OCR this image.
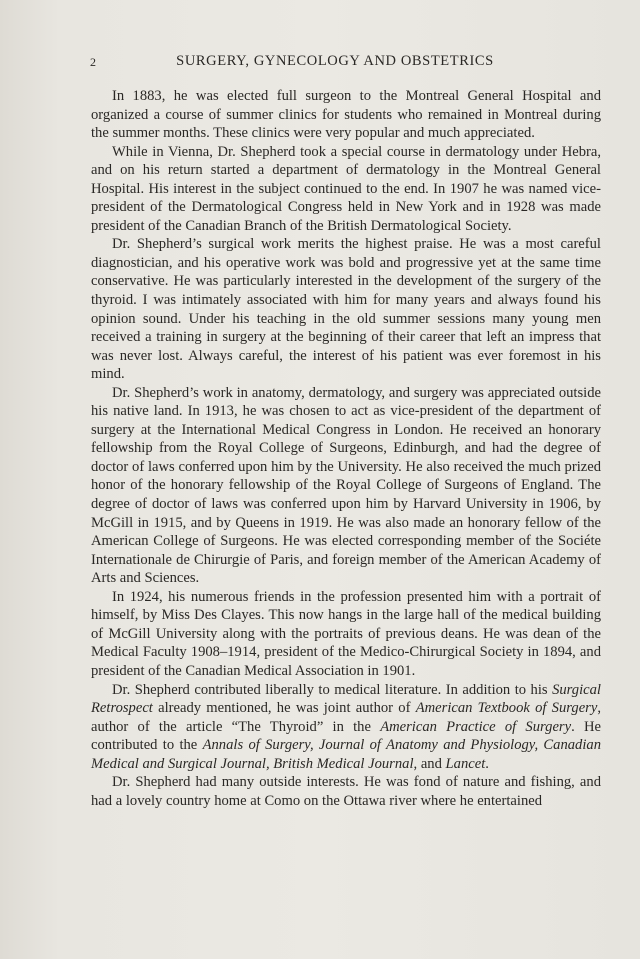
2	SURGERY, GYNECOLOGY AND OBSTETRICS

In 1883, he was elected full surgeon to the Montreal General Hospital and organized a course of summer clinics for students who remained in Montreal during the summer months. These clinics were very popular and much appreciated.

While in Vienna, Dr. Shepherd took a special course in dermatology under Hebra, and on his return started a department of dermatology in the Montreal General Hospital. His interest in the subject continued to the end. In 1907 he was named vice-president of the Dermatological Congress held in New York and in 1928 was made president of the Canadian Branch of the British Dermatological Society.

Dr. Shepherd’s surgical work merits the highest praise. He was a most careful diagnostician, and his operative work was bold and progressive yet at the same time conservative. He was particularly interested in the development of the surgery of the thyroid. I was intimately associated with him for many years and always found his opinion sound. Under his teaching in the old summer sessions many young men received a training in surgery at the beginning of their career that left an impress that was never lost. Always careful, the interest of his patient was ever foremost in his mind.

Dr. Shepherd’s work in anatomy, dermatology, and surgery was appreciated outside his native land. In 1913, he was chosen to act as vice-president of the department of surgery at the International Medical Congress in London. He received an honorary fellowship from the Royal College of Surgeons, Edinburgh, and had the degree of doctor of laws conferred upon him by the University. He also received the much prized honor of the honorary fellowship of the Royal College of Surgeons of England. The degree of doctor of laws was conferred upon him by Harvard University in 1906, by McGill in 1915, and by Queens in 1919. He was also made an honorary fellow of the American College of Surgeons. He was elected corresponding member of the Sociéte Internationale de Chirurgie of Paris, and foreign member of the American Academy of Arts and Sciences.

In 1924, his numerous friends in the profession presented him with a portrait of himself, by Miss Des Clayes. This now hangs in the large hall of the medical building of McGill University along with the portraits of previous deans. He was dean of the Medical Faculty 1908–1914, president of the Medico-Chirurgical Society in 1894, and president of the Canadian Medical Association in 1901.

Dr. Shepherd contributed liberally to medical literature. In addition to his Surgical Retrospect already mentioned, he was joint author of American Textbook of Surgery, author of the article “The Thyroid” in the American Practice of Surgery. He contributed to the Annals of Surgery, Journal of Anatomy and Physiology, Canadian Medical and Surgical Journal, British Medical Journal, and Lancet.

Dr. Shepherd had many outside interests. He was fond of nature and fishing, and had a lovely country home at Como on the Ottawa river where he entertained
